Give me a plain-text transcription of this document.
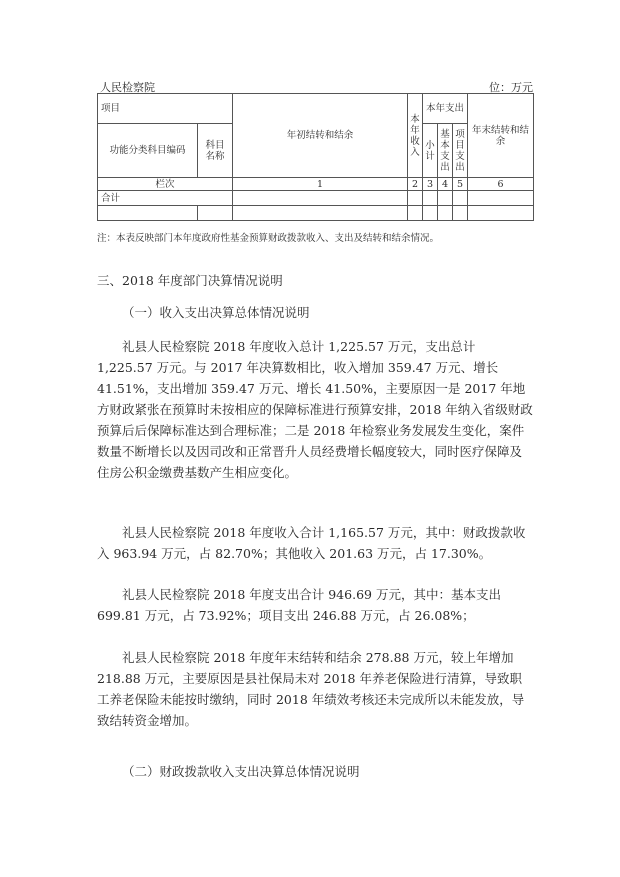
人民检察院	位：万元
项目		年初结转和结余	本年收入	本年支出			年末结转和结余
功能分类科目编码	科目名称			小计	基本支出	项目支出	
栏次		1	2	3	4	5	6
合计							

注：本表反映部门本年度政府性基金预算财政拨款收入、支出及结转和结余情况。
三、2018 年度部门决算情况说明
（一）收入支出决算总体情况说明
礼县人民检察院 2018 年度收入总计 1,225.57 万元，支出总计 1,225.57 万元。与 2017 年决算数相比，收入增加 359.47 万元、增长 41.51%，支出增加 359.47 万元、增长 41.50%，主要原因一是 2017 年地方财政紧张在预算时未按相应的保障标准进行预算安排，2018 年纳入省级财政预算后后保障标准达到合理标准；二是 2018 年检察业务发展发生变化，案件数量不断增长以及因司改和正常晋升人员经费增长幅度较大，同时医疗保障及住房公积金缴费基数产生相应变化。
礼县人民检察院 2018 年度收入合计 1,165.57 万元，其中：财政拨款收入 963.94 万元，占 82.70%；其他收入 201.63 万元，占 17.30%。
礼县人民检察院 2018 年度支出合计 946.69 万元，其中：基本支出 699.81 万元，占 73.92%；项目支出 246.88 万元，占 26.08%；
礼县人民检察院 2018 年度年末结转和结余 278.88 万元，较上年增加 218.88 万元，主要原因是县社保局未对 2018 年养老保险进行清算，导致职工养老保险未能按时缴纳，同时 2018 年绩效考核还未完成所以未能发放，导致结转资金增加。
（二）财政拨款收入支出决算总体情况说明
